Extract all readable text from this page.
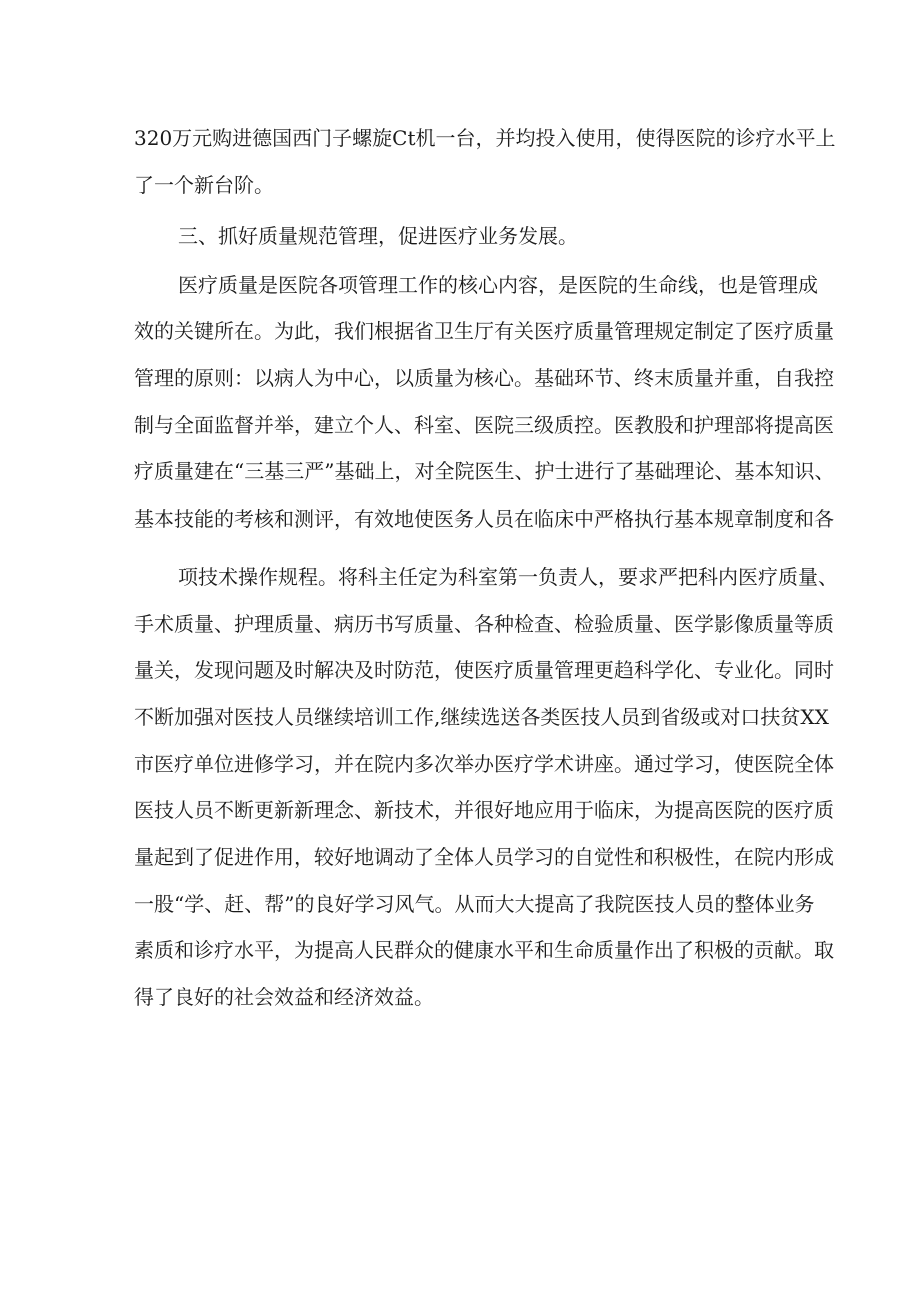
320万元购进德国西门子螺旋Ct机一台，并均投入使用，使得医院的诊疗水平上
了一个新台阶。
三、抓好质量规范管理，促进医疗业务发展。
医疗质量是医院各项管理工作的核心内容，是医院的生命线，也是管理成
效的关键所在。为此，我们根据省卫生厅有关医疗质量管理规定制定了医疗质量
管理的原则：以病人为中心，以质量为核心。基础环节、终末质量并重，自我控
制与全面监督并举，建立个人、科室、医院三级质控。医教股和护理部将提高医
疗质量建在“三基三严”基础上，对全院医生、护士进行了基础理论、基本知识、
基本技能的考核和测评，有效地使医务人员在临床中严格执行基本规章制度和各
项技术操作规程。将科主任定为科室第一负责人，要求严把科内医疗质量、
手术质量、护理质量、病历书写质量、各种检查、检验质量、医学影像质量等质
量关，发现问题及时解决及时防范，使医疗质量管理更趋科学化、专业化。同时
不断加强对医技人员继续培训工作,继续选送各类医技人员到省级或对口扶贫XX
市医疗单位进修学习，并在院内多次举办医疗学术讲座。通过学习，使医院全体
医技人员不断更新新理念、新技术，并很好地应用于临床，为提高医院的医疗质
量起到了促进作用，较好地调动了全体人员学习的自觉性和积极性，在院内形成
一股“学、赶、帮”的良好学习风气。从而大大提高了我院医技人员的整体业务
素质和诊疗水平，为提高人民群众的健康水平和生命质量作出了积极的贡献。取
得了良好的社会效益和经济效益。
